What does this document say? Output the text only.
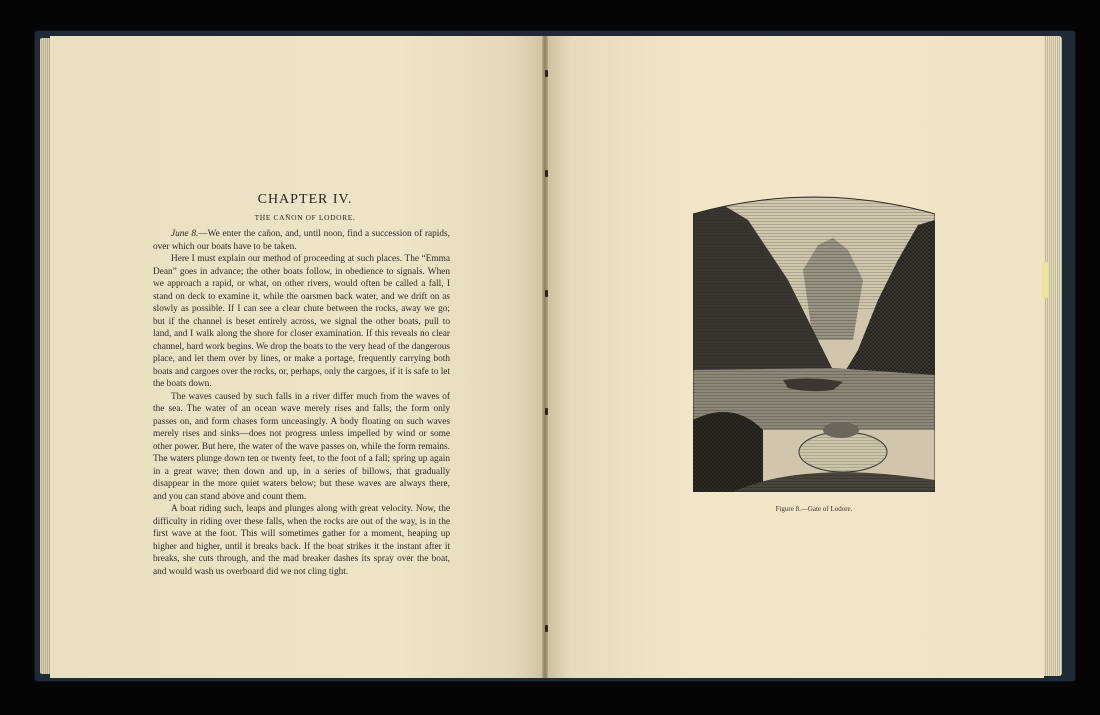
CHAPTER IV.
THE CAÑON OF LODORE.

June 8.—We enter the cañon, and, until noon, find a succession of rapids, over which our boats have to be taken.

Here I must explain our method of proceeding at such places. The “Emma Dean” goes in advance; the other boats follow, in obedience to signals. When we approach a rapid, or what, on other rivers, would often be called a fall, I stand on deck to examine it, while the oarsmen back water, and we drift on as slowly as possible. If I can see a clear chute between the rocks, away we go; but if the channel is beset entirely across, we signal the other boats, pull to land, and I walk along the shore for closer examination. If this reveals no clear channel, hard work begins. We drop the boats to the very head of the dangerous place, and let them over by lines, or make a portage, frequently carrying both boats and cargoes over the rocks, or, perhaps, only the cargoes, if it is safe to let the boats down.

The waves caused by such falls in a river differ much from the waves of the sea. The water of an ocean wave merely rises and falls; the form only passes on, and form chases form unceasingly. A body floating on such waves merely rises and sinks—does not progress unless impelled by wind or some other power. But here, the water of the wave passes on, while the form remains. The waters plunge down ten or twenty feet, to the foot of a fall; spring up again in a great wave; then down and up, in a series of billows, that gradually disappear in the more quiet waters below; but these waves are always there, and you can stand above and count them.

A boat riding such, leaps and plunges along with great velocity. Now, the difficulty in riding over these falls, when the rocks are out of the way, is in the first wave at the foot. This will sometimes gather for a moment, heaping up higher and higher, until it breaks back. If the boat strikes it the instant after it breaks, she cuts through, and the mad breaker dashes its spray over the boat, and would wash us overboard did we not cling tight.

Figure 8.—Gate of Lodore.
